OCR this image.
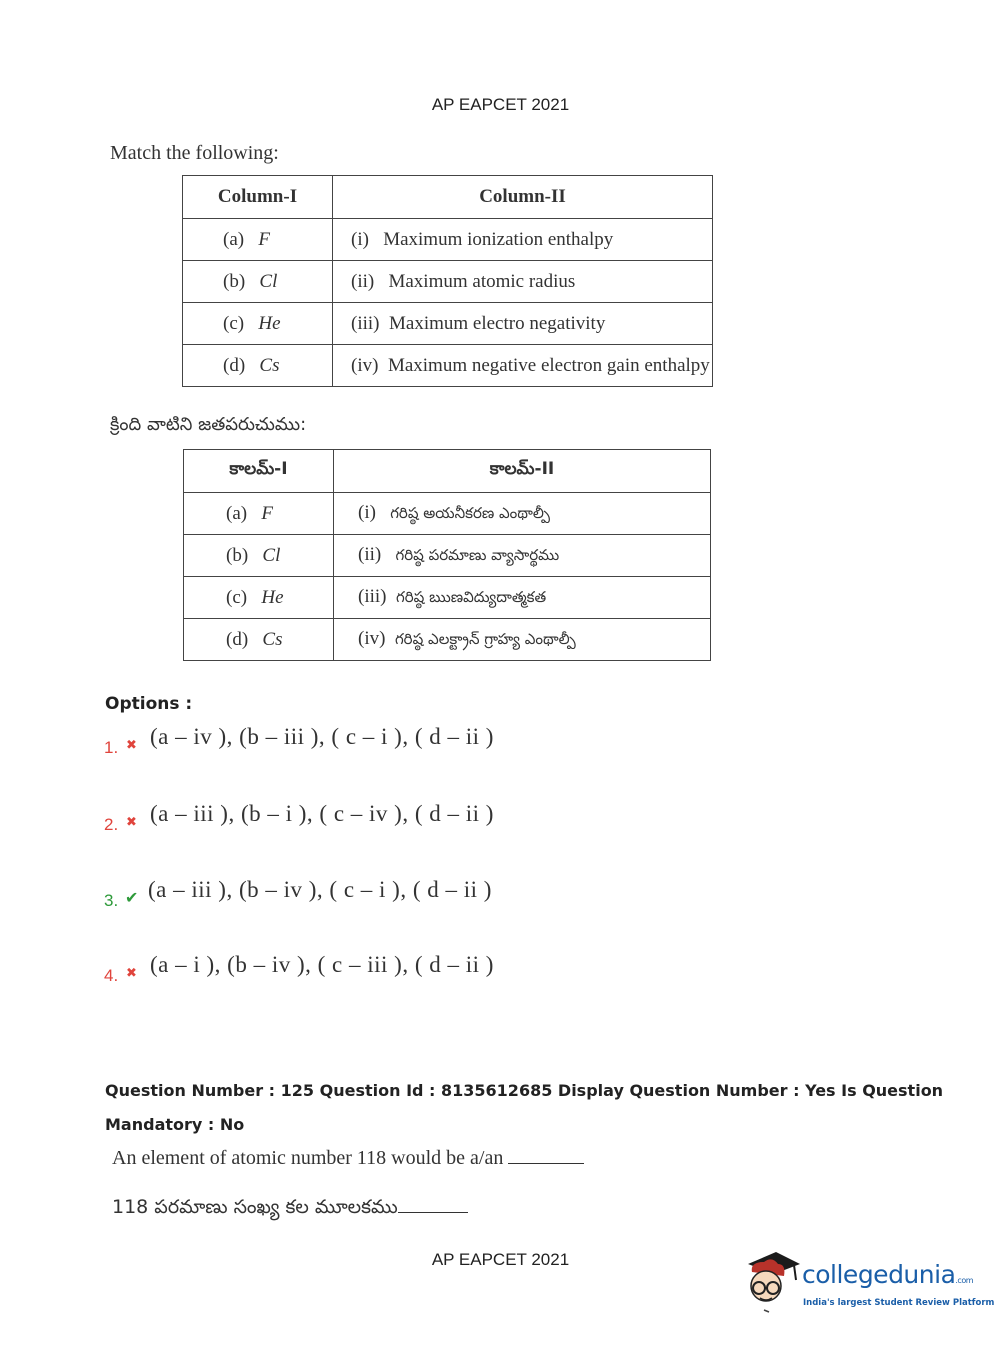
AP EAPCET 2021
Match the following:
Column-I	Column-II
(a) F	(i) Maximum ionization enthalpy
(b) Cl	(ii) Maximum atomic radius
(c) He	(iii) Maximum electro negativity
(d) Cs	(iv) Maximum negative electron gain enthalpy
క్రింది వాటిని జతపరుచుము:
కాలమ్-I	కాలమ్-II
(a) F	(i) గరిష్ఠ అయనీకరణ ఎంథాల్పీ
(b) Cl	(ii) గరిష్ఠ పరమాణు వ్యాసార్థము
(c) He	(iii) గరిష్ఠ ఋణవిద్యుదాత్మకత
(d) Cs	(iv) గరిష్ఠ ఎలక్ట్రాన్ గ్రాహ్య ఎంథాల్పీ
Options :
1. ✖ (a – iv ), (b – iii ), ( c – i ), ( d – ii )
2. ✖ (a – iii ), (b – i ), ( c – iv ), ( d – ii )
3. ✔ (a – iii ), (b – iv ), ( c – i ), ( d – ii )
4. ✖ (a – i ), (b – iv ), ( c – iii ), ( d – ii )
Question Number : 125 Question Id : 8135612685 Display Question Number : Yes Is Question
Mandatory : No
An element of atomic number 118 would be a/an
118 పరమాణు సంఖ్య కల మూలకము
AP EAPCET 2021
collegedunia.com
India's largest Student Review Platform
